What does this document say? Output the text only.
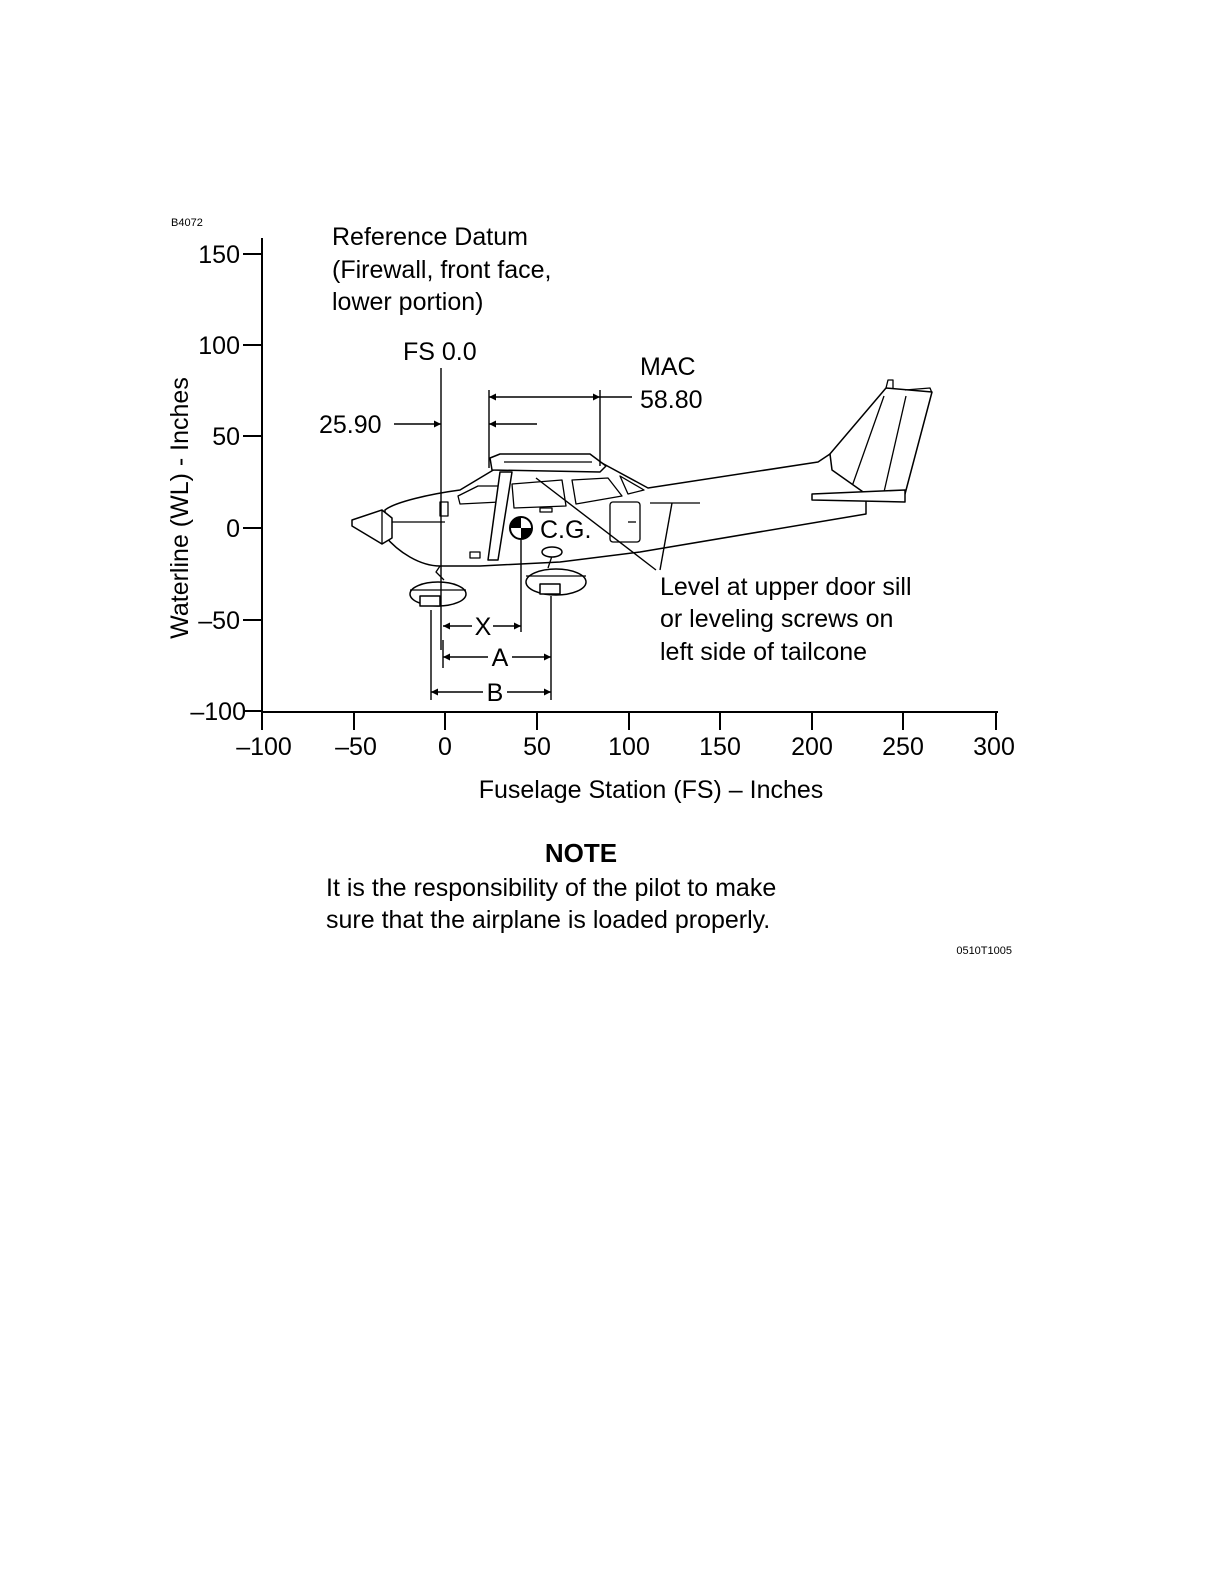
B4072
150
100
50
0
–50
–100
Waterline (WL) - Inches
–100 –50 0	50 100 150 200 250 300
Fuselage Station (FS) – Inches
Reference Datum
(Firewall, front face,
lower portion)
FS 0.0
25.90
MAC
58.80
C.G.
Level at upper door sill
or leveling screws on
left side of tailcone
X
A
B
NOTE
It is the responsibility of the pilot to make
sure that the airplane is loaded properly.
0510T1005
